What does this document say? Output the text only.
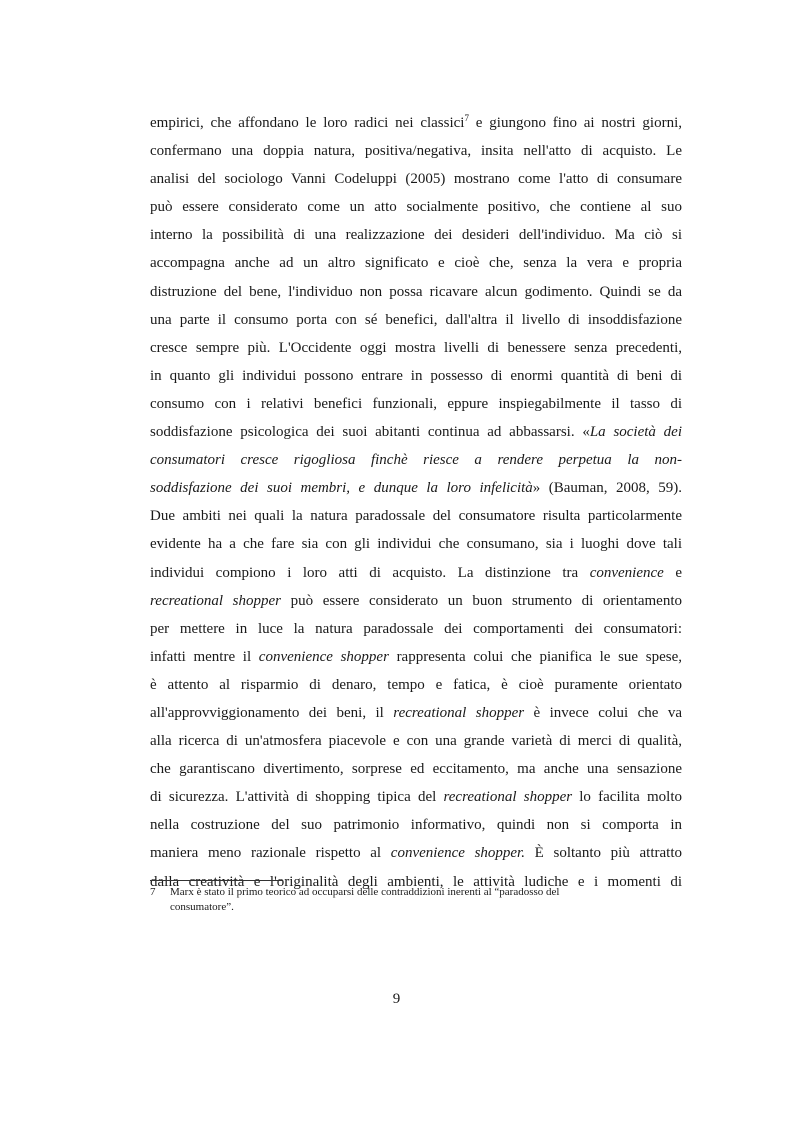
empirici, che affondano le loro radici nei classici$^7$ e giungono fino ai nostri giorni,
confermano una doppia natura, positiva/negativa, insita nell'atto di acquisto. Le
analisi del sociologo Vanni Codeluppi (2005) mostrano come l'atto di consumare
può essere considerato come un atto socialmente positivo, che contiene al suo
interno la possibilità di una realizzazione dei desideri dell'individuo. Ma ciò si
accompagna anche ad un altro significato e cioè che, senza la vera e propria
distruzione del bene, l'individuo non possa ricavare alcun godimento. Quindi se da
una parte il consumo porta con sé benefici, dall'altra il livello di insoddisfazione
cresce sempre più. L'Occidente oggi mostra livelli di benessere senza precedenti,
in quanto gli individui possono entrare in possesso di enormi quantità di beni di
consumo con i relativi benefici funzionali, eppure inspiegabilmente il tasso di
soddisfazione psicologica dei suoi abitanti continua ad abbassarsi. «La società dei
consumatori cresce rigogliosa finchè riesce a rendere perpetua la non-
soddisfazione dei suoi membri, e dunque la loro infelicità» (Bauman, 2008, 59).
Due ambiti nei quali la natura paradossale del consumatore risulta particolarmente
evidente ha a che fare sia con gli individui che consumano, sia i luoghi dove tali
individui compiono i loro atti di acquisto. La distinzione tra convenience e
recreational shopper può essere considerato un buon strumento di orientamento
per mettere in luce la natura paradossale dei comportamenti dei consumatori:
infatti mentre il convenience shopper rappresenta colui che pianifica le sue spese,
è attento al risparmio di denaro, tempo e fatica, è cioè puramente orientato
all'approvviggionamento dei beni, il recreational shopper è invece colui che va
alla ricerca di un'atmosfera piacevole e con una grande varietà di merci di qualità,
che garantiscano divertimento, sorprese ed eccitamento, ma anche una sensazione
di sicurezza. L'attività di shopping tipica del recreational shopper lo facilita molto
nella costruzione del suo patrimonio informativo, quindi non si comporta in
maniera meno razionale rispetto al convenience shopper. È soltanto più attratto
dalla creatività e l'originalità degli ambienti, le attività ludiche e i momenti di
7	Marx è stato il primo teorico ad occuparsi delle contraddizioni inerenti al “paradosso del
consumatore”.
9
